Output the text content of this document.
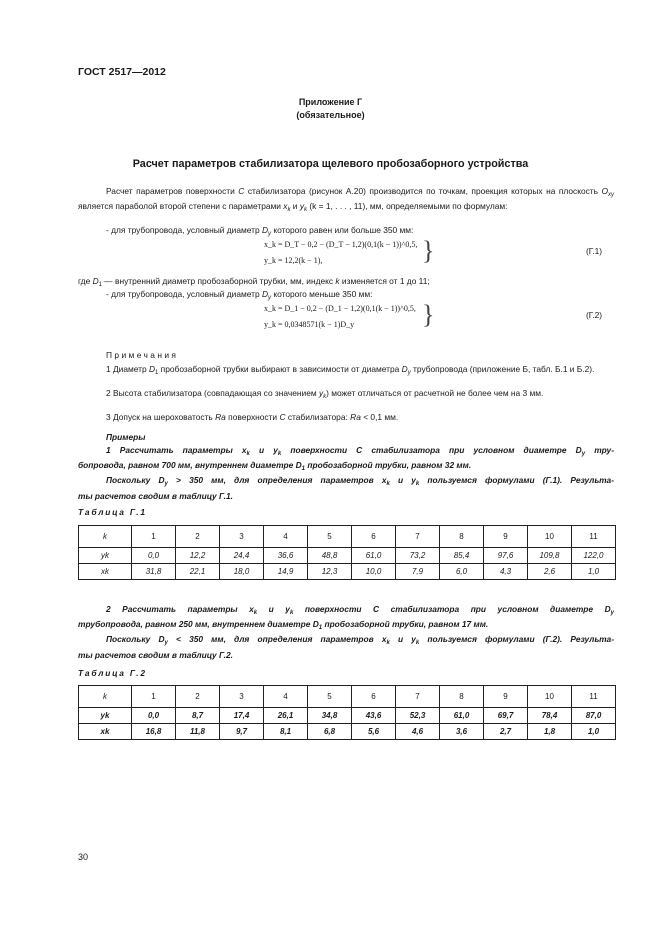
ГОСТ 2517—2012
Приложение Г
(обязательное)
Расчет параметров стабилизатора щелевого пробозаборного устройства
Расчет параметров поверхности С стабилизатора (рисунок А.20) производится по точкам, проекция которых на плоскость $O_{xy}$ является параболой второй степени с параметрами $x_k$ и $y_k$ (k = 1, . . . , 11), мм, определяемыми по формулам:
- для трубопровода, условный диаметр $D_y$ которого равен или больше 350 мм:
x_k = D_T − 0,2 − (D_T − 1,2)(0,1(k − 1))^0,5,
y_k = 12,2(k − 1),	}	(Г.1)
где $D_1$ — внутренний диаметр пробозаборной трубки, мм, индекс k изменяется от 1 до 11;
- для трубопровода, условный диаметр $D_y$ которого меньше 350 мм:
x_k = D_1 − 0,2 − (D_1 − 1,2)(0,1(k − 1))^0,5,
y_k = 0,0348571(k − 1)D_y	}	(Г.2)
Примечания
1 Диаметр $D_1$ пробозаборной трубки выбирают в зависимости от диаметра $D_y$ трубопровода (приложение Б, табл. Б.1 и Б.2).
2 Высота стабилизатора (совпадающая со значением $y_k$) может отличаться от расчетной не более чем на 3 мм.
3 Допуск на шероховатость Ra поверхности С стабилизатора: Ra < 0,1 мм.
Примеры
1 Рассчитать параметры $x_k$ и $y_k$ поверхности C стабилизатора при условном диаметре $D_y$ тру-
бопровода, равном 700 мм, внутреннем диаметре $D_1$ пробозаборной трубки, равном 32 мм.
Поскольку $D_y > 350$ мм, для определения параметров $x_k$ и $y_k$ пользуемся формулами (Г.1). Результа-
ты расчетов сводим в таблицу Г.1.
Таблица Г.1
k	1	2	3	4	5	6	7	8	9	10	11
yk	0,0	12,2	24,4	36,6	48,8	61,0	73,2	85,4	97,6	109,8	122,0
xk	31,8	22,1	18,0	14,9	12,3	10,0	7,9	6,0	4,3	2,6	1,0
2 Рассчитать параметры $x_k$ и $y_k$ поверхности C стабилизатора при условном диаметре $D_y$
трубопровода, равном 250 мм, внутреннем диаметре $D_1$ пробозаборной трубки, равном 17 мм.
Поскольку $D_y < 350$ мм, для определения параметров $x_k$ и $y_k$ пользуемся формулами (Г.2). Результа-
ты расчетов сводим в таблицу Г.2.
Таблица Г.2
k	1	2	3	4	5	6	7	8	9	10	11
yk	0,0	8,7	17,4	26,1	34,8	43,6	52,3	61,0	69,7	78,4	87,0
xk	16,8	11,8	9,7	8,1	6,8	5,6	4,6	3,6	2,7	1,8	1,0
30
